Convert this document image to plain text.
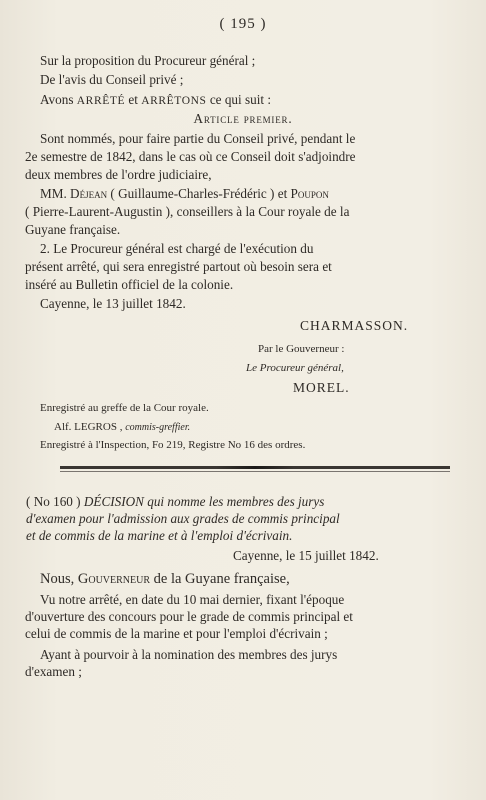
( 195 )
Sur la proposition du Procureur général ;
De l'avis du Conseil privé ;
Avons ARRÊTÉ et ARRÊTONS ce qui suit :
Article premier.
Sont nommés, pour faire partie du Conseil privé, pendant le
2e semestre de 1842, dans le cas où ce Conseil doit s'adjoindre
deux membres de l'ordre judiciaire,
MM. Déjean ( Guillaume-Charles-Frédéric ) et Poupon
( Pierre-Laurent-Augustin ), conseillers à la Cour royale de la
Guyane française.
2. Le Procureur général est chargé de l'exécution du
présent arrêté, qui sera enregistré partout où besoin sera et
inséré au Bulletin officiel de la colonie.
Cayenne, le 13 juillet 1842.
CHARMASSON.
Par le Gouverneur :
Le Procureur général,
MOREL.
Enregistré au greffe de la Cour royale.
Alf. LEGROS , commis-greffier.
Enregistré à l'Inspection, Fo 219, Registre No 16 des ordres.
( No 160 ) DÉCISION qui nomme les membres des jurys
d'examen pour l'admission aux grades de commis principal
et de commis de la marine et à l'emploi d'écrivain.
Cayenne, le 15 juillet 1842.
Nous, Gouverneur de la Guyane française,
Vu notre arrêté, en date du 10 mai dernier, fixant l'époque
d'ouverture des concours pour le grade de commis principal et
celui de commis de la marine et pour l'emploi d'écrivain ;
Ayant à pourvoir à la nomination des membres des jurys
d'examen ;
